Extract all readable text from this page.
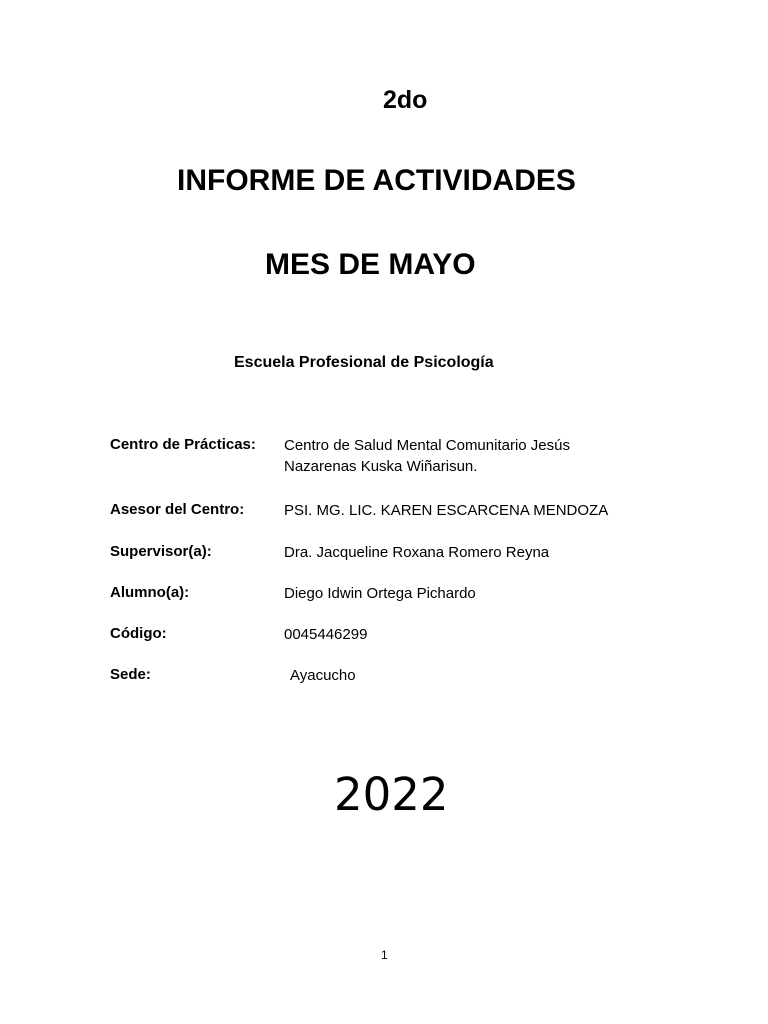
2do
INFORME DE ACTIVIDADES
MES DE MAYO
Escuela Profesional de Psicología
Centro de Prácticas: Centro de Salud Mental Comunitario Jesús
Nazarenas Kuska Wiñarisun.
Asesor del Centro:	PSI. MG. LIC. KAREN ESCARCENA MENDOZA
Supervisor(a):	Dra. Jacqueline Roxana Romero Reyna
Alumno(a):	Diego Idwin Ortega Pichardo
Código:	0045446299
Sede:	Ayacucho
2022
1
